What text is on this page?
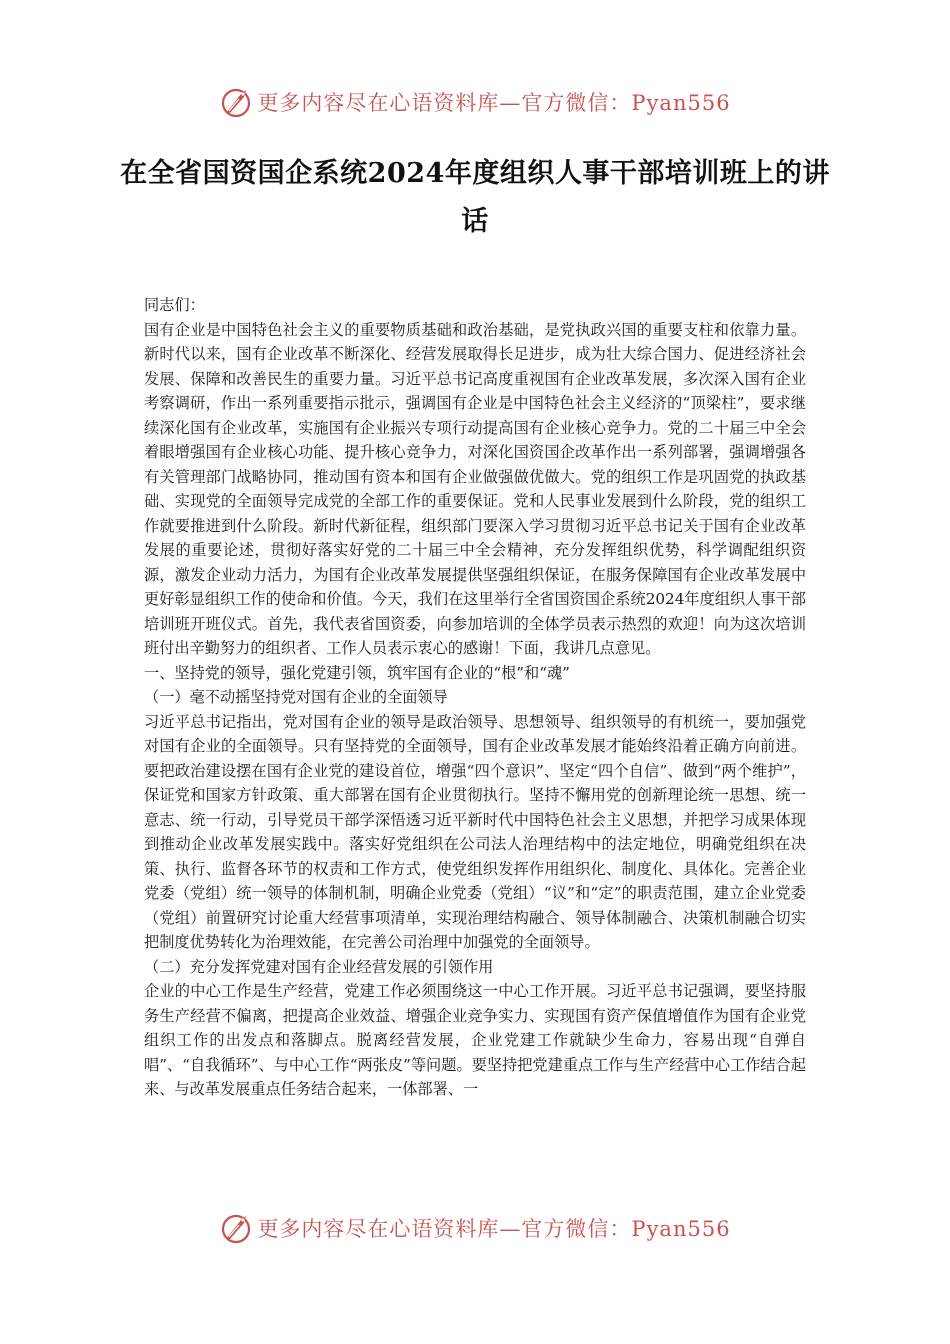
更多内容尽在心语资料库—官方微信：Pyan556
在全省国资国企系统2024年度组织人事干部培训班上的讲话

同志们：

国有企业是中国特色社会主义的重要物质基础和政治基础，是党执政兴国的重要支柱和依靠力量。新时代以来，国有企业改革不断深化、经营发展取得长足进步，成为壮大综合国力、促进经济社会发展、保障和改善民生的重要力量。习近平总书记高度重视国有企业改革发展，多次深入国有企业考察调研，作出一系列重要指示批示，强调国有企业是中国特色社会主义经济的“顶梁柱”，要求继续深化国有企业改革，实施国有企业振兴专项行动提高国有企业核心竞争力。党的二十届三中全会着眼增强国有企业核心功能、提升核心竞争力，对深化国资国企改革作出一系列部署，强调增强各有关管理部门战略协同，推动国有资本和国有企业做强做优做大。党的组织工作是巩固党的执政基础、实现党的全面领导完成党的全部工作的重要保证。党和人民事业发展到什么阶段，党的组织工作就要推进到什么阶段。新时代新征程，组织部门要深入学习贯彻习近平总书记关于国有企业改革发展的重要论述，贯彻好落实好党的二十届三中全会精神，充分发挥组织优势，科学调配组织资源，激发企业动力活力，为国有企业改革发展提供坚强组织保证，在服务保障国有企业改革发展中更好彰显组织工作的使命和价值。今天，我们在这里举行全省国资国企系统2024年度组织人事干部培训班开班仪式。首先，我代表省国资委，向参加培训的全体学员表示热烈的欢迎！向为这次培训班付出辛勤努力的组织者、工作人员表示衷心的感谢！下面，我讲几点意见。

一、坚持党的领导，强化党建引领，筑牢国有企业的“根”和“魂”

（一）毫不动摇坚持党对国有企业的全面领导

习近平总书记指出，党对国有企业的领导是政治领导、思想领导、组织领导的有机统一，要加强党对国有企业的全面领导。只有坚持党的全面领导，国有企业改革发展才能始终沿着正确方向前进。要把政治建设摆在国有企业党的建设首位，增强“四个意识”、坚定“四个自信”、做到“两个维护”，保证党和国家方针政策、重大部署在国有企业贯彻执行。坚持不懈用党的创新理论统一思想、统一意志、统一行动，引导党员干部学深悟透习近平新时代中国特色社会主义思想，并把学习成果体现到推动企业改革发展实践中。落实好党组织在公司法人治理结构中的法定地位，明确党组织在决策、执行、监督各环节的权责和工作方式，使党组织发挥作用组织化、制度化、具体化。完善企业党委（党组）统一领导的体制机制，明确企业党委（党组）“议”和“定”的职责范围，建立企业党委（党组）前置研究讨论重大经营事项清单，实现治理结构融合、领导体制融合、决策机制融合切实把制度优势转化为治理效能，在完善公司治理中加强党的全面领导。

（二）充分发挥党建对国有企业经营发展的引领作用

企业的中心工作是生产经营，党建工作必须围绕这一中心工作开展。习近平总书记强调，要坚持服务生产经营不偏离，把提高企业效益、增强企业竞争实力、实现国有资产保值增值作为国有企业党组织工作的出发点和落脚点。脱离经营发展，企业党建工作就缺少生命力，容易出现“自弹自唱”、“自我循环”、与中心工作“两张皮”等问题。要坚持把党建重点工作与生产经营中心工作结合起来、与改革发展重点任务结合起来，一体部署、一

更多内容尽在心语资料库—官方微信：Pyan556
